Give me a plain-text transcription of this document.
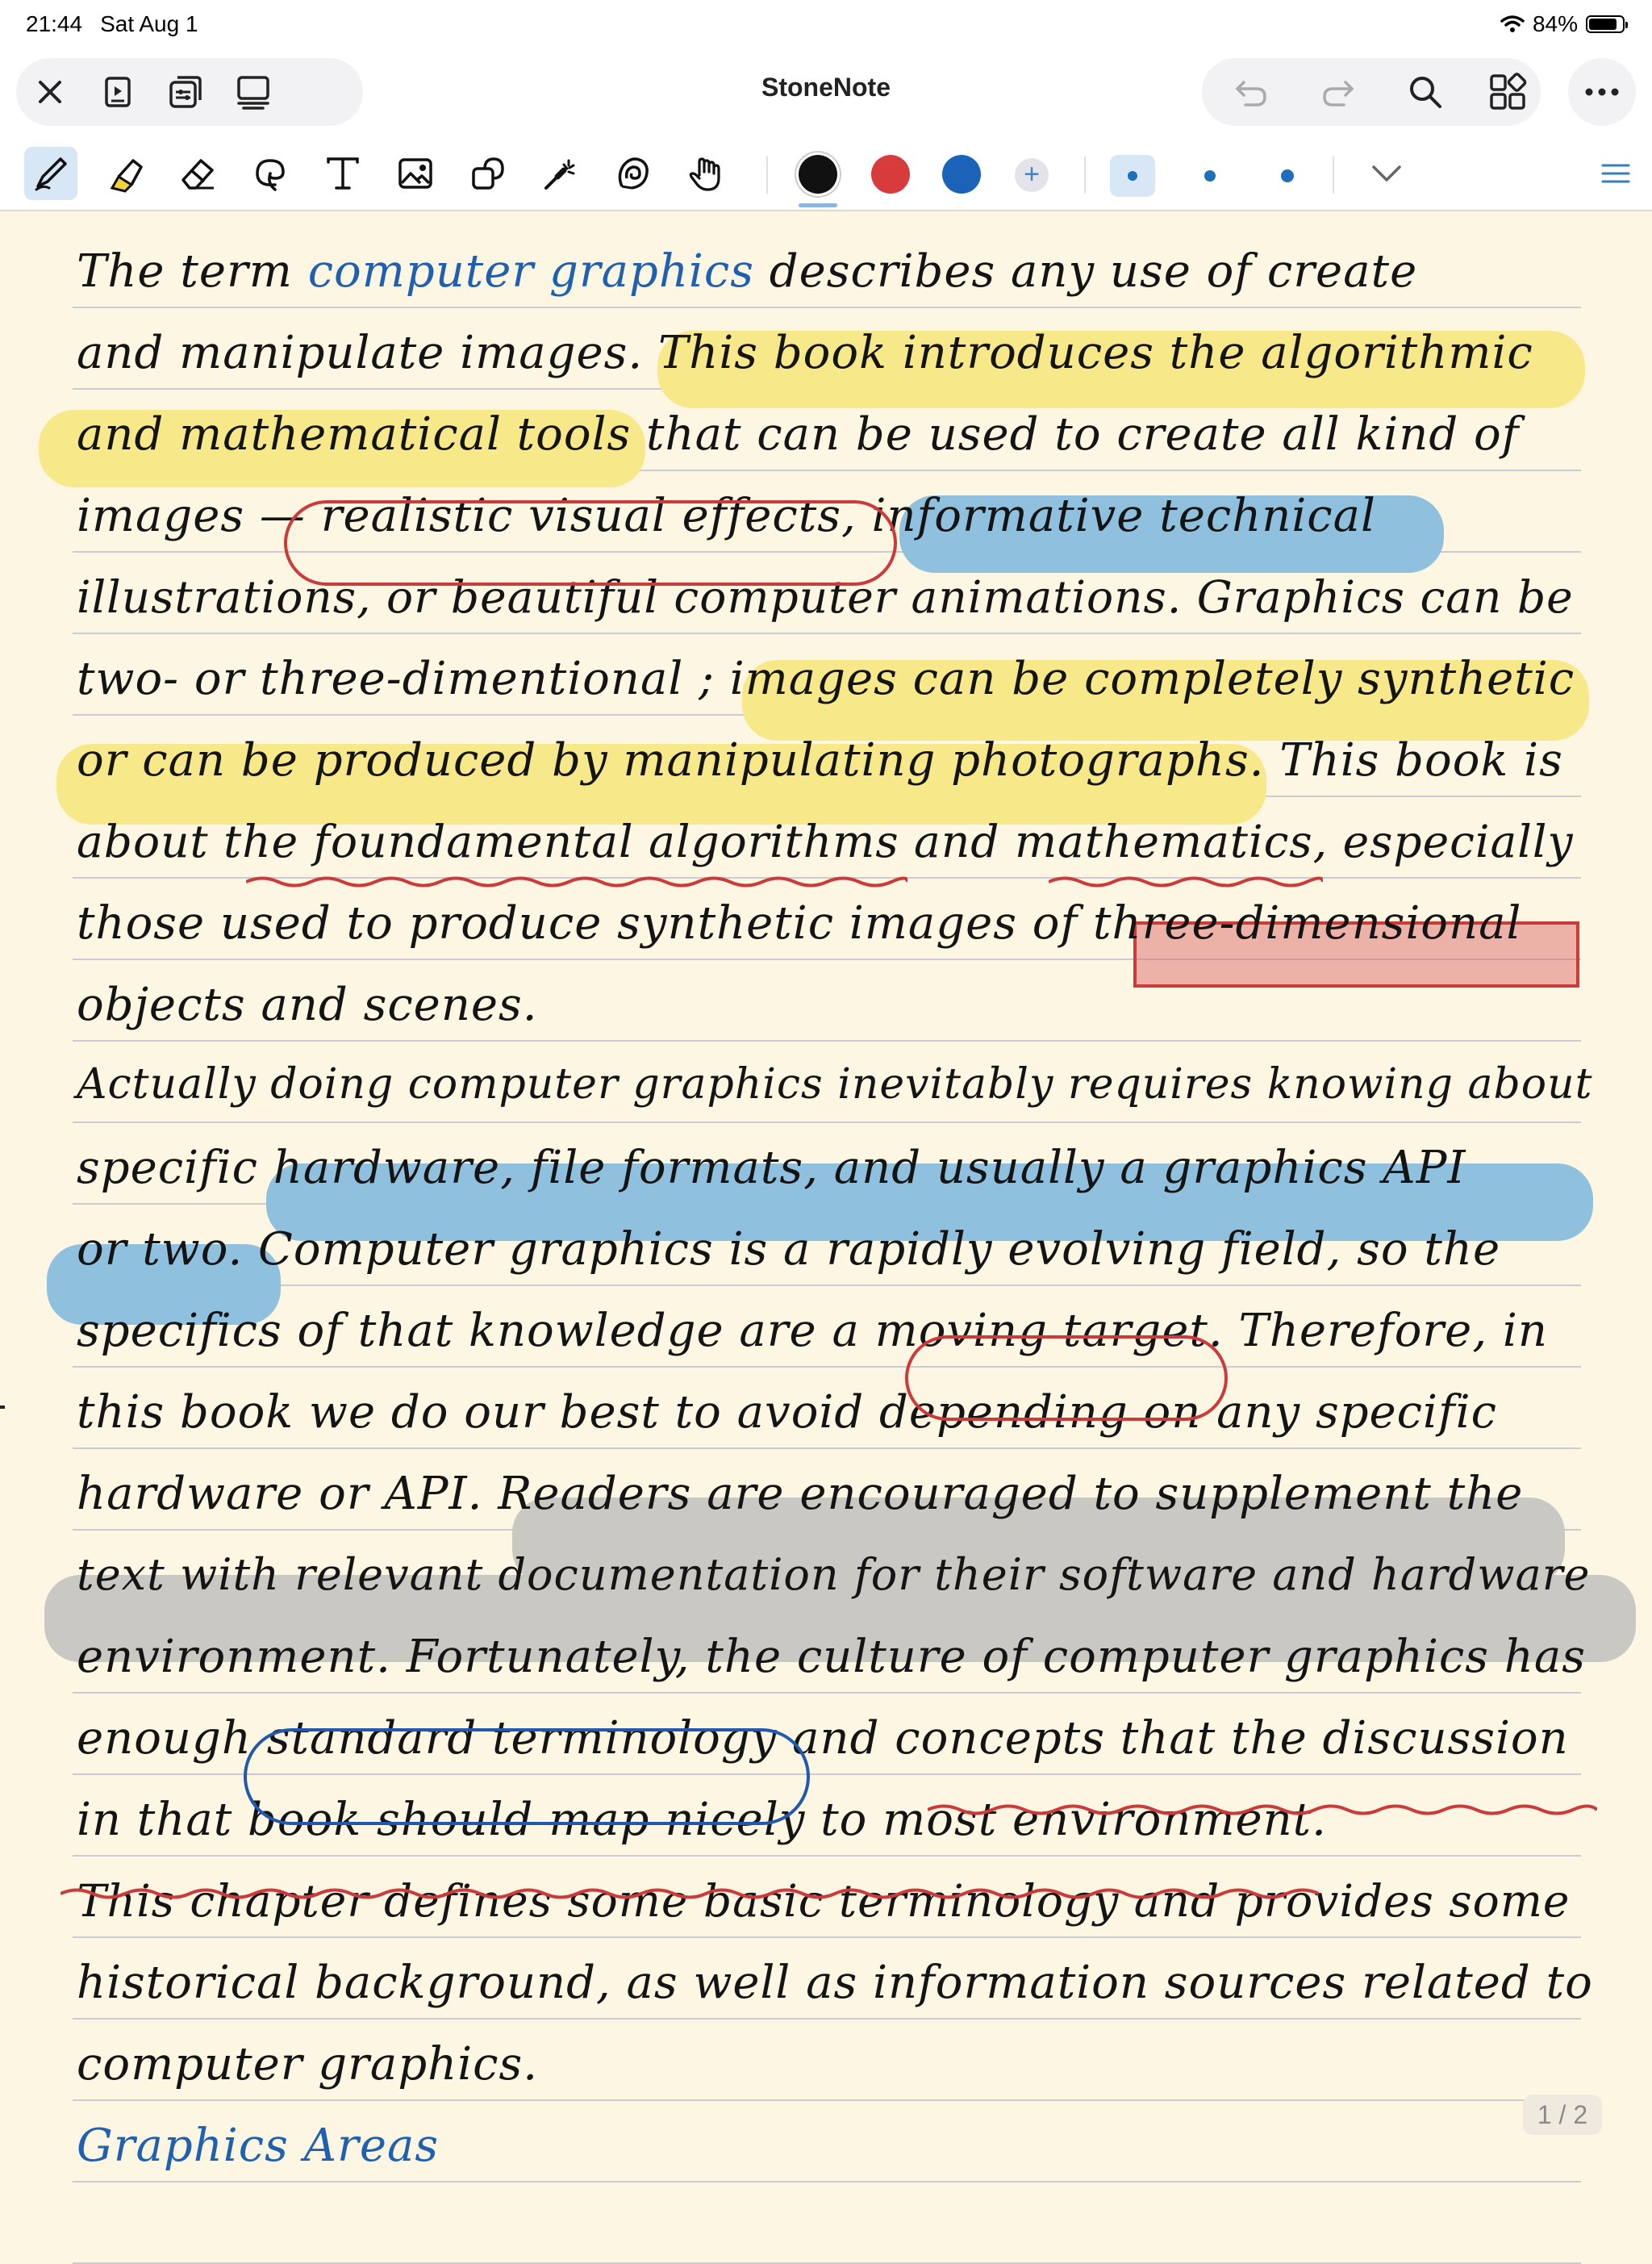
21:44 Sat Aug 1	84%
StoneNote
+
The term computer graphics describes any use of create
and manipulate images. This book introduces the algorithmic
and mathematical tools that can be used to create all kind of
images — realistic visual effects, informative technical
illustrations, or beautiful computer animations. Graphics can be
two- or three-dimentional ; images can be completely synthetic
or can be produced by manipulating photographs. This book is
about the foundamental algorithms and mathematics, especially
those used to produce synthetic images of three-dimensional
objects and scenes.
Actually doing computer graphics inevitably requires knowing about
specific hardware, file formats, and usually a graphics API
or two. Computer graphics is a rapidly evolving field, so the
specifics of that knowledge are a moving target. Therefore, in
this book we do our best to avoid depending on any specific
hardware or API. Readers are encouraged to supplement the
text with relevant documentation for their software and hardware
environment. Fortunately, the culture of computer graphics has
enough standard terminology and concepts that the discussion
in that book should map nicely to most environment.
This chapter defines some basic terminology and provides some
historical background, as well as information sources related to
computer graphics.
Graphics Areas
1 / 2
